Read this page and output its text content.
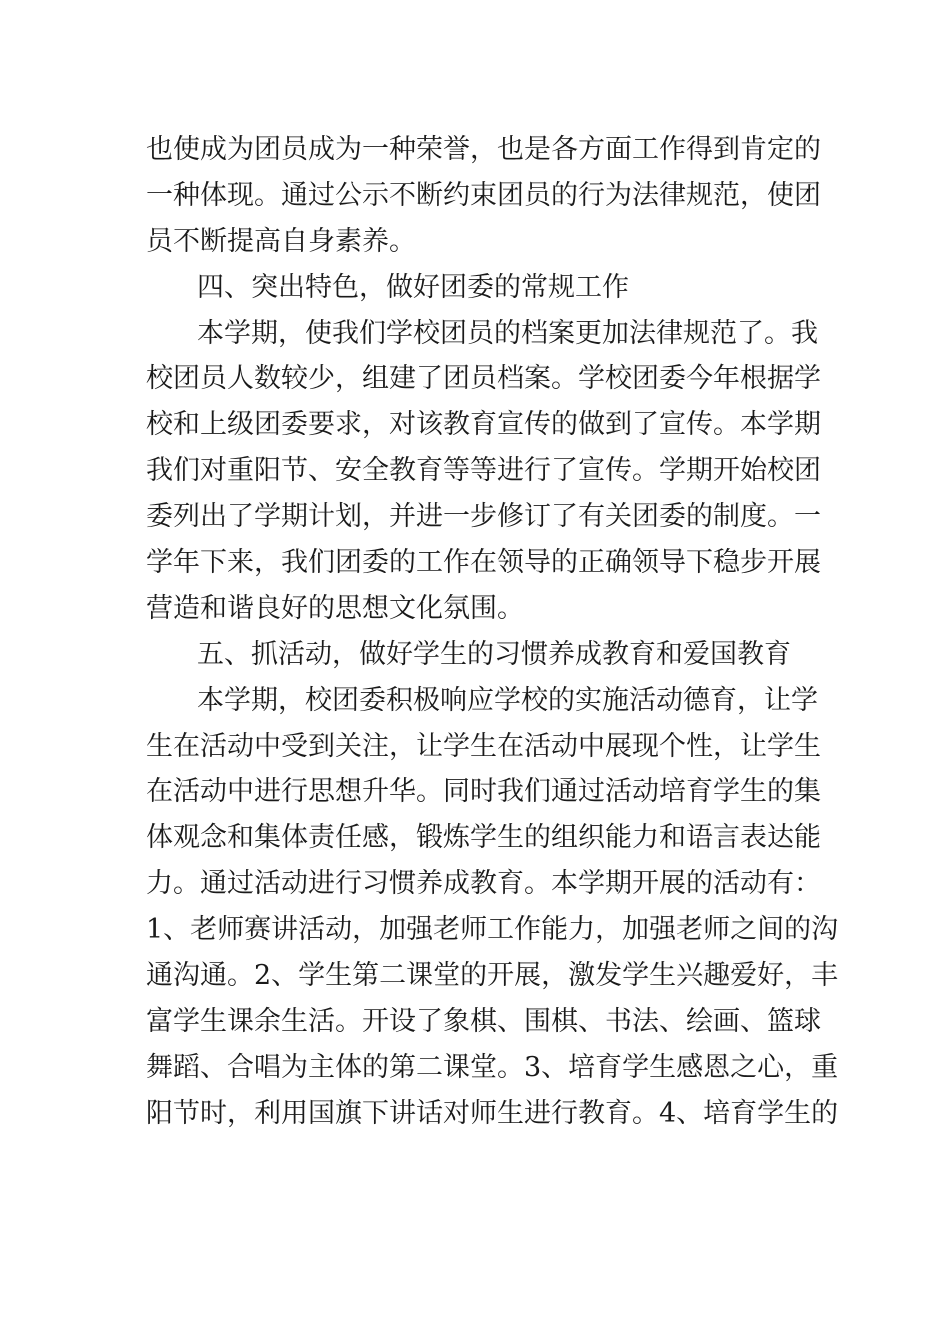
也使成为团员成为一种荣誉，也是各方面工作得到肯定的
一种体现。通过公示不断约束团员的行为法律规范，使团
员不断提高自身素养。
四、突出特色，做好团委的常规工作
本学期，使我们学校团员的档案更加法律规范了。我
校团员人数较少，组建了团员档案。学校团委今年根据学
校和上级团委要求，对该教育宣传的做到了宣传。本学期
我们对重阳节、安全教育等等进行了宣传。学期开始校团
委列出了学期计划，并进一步修订了有关团委的制度。一
学年下来，我们团委的工作在领导的正确领导下稳步开展
营造和谐良好的思想文化氛围。
五、抓活动，做好学生的习惯养成教育和爱国教育
本学期，校团委积极响应学校的实施活动德育，让学
生在活动中受到关注，让学生在活动中展现个性，让学生
在活动中进行思想升华。同时我们通过活动培育学生的集
体观念和集体责任感，锻炼学生的组织能力和语言表达能
力。通过活动进行习惯养成教育。本学期开展的活动有：
1、老师赛讲活动，加强老师工作能力，加强老师之间的沟
通沟通。2、学生第二课堂的开展，激发学生兴趣爱好，丰
富学生课余生活。开设了象棋、围棋、书法、绘画、篮球
舞蹈、合唱为主体的第二课堂。3、培育学生感恩之心，重
阳节时，利用国旗下讲话对师生进行教育。4、培育学生的
